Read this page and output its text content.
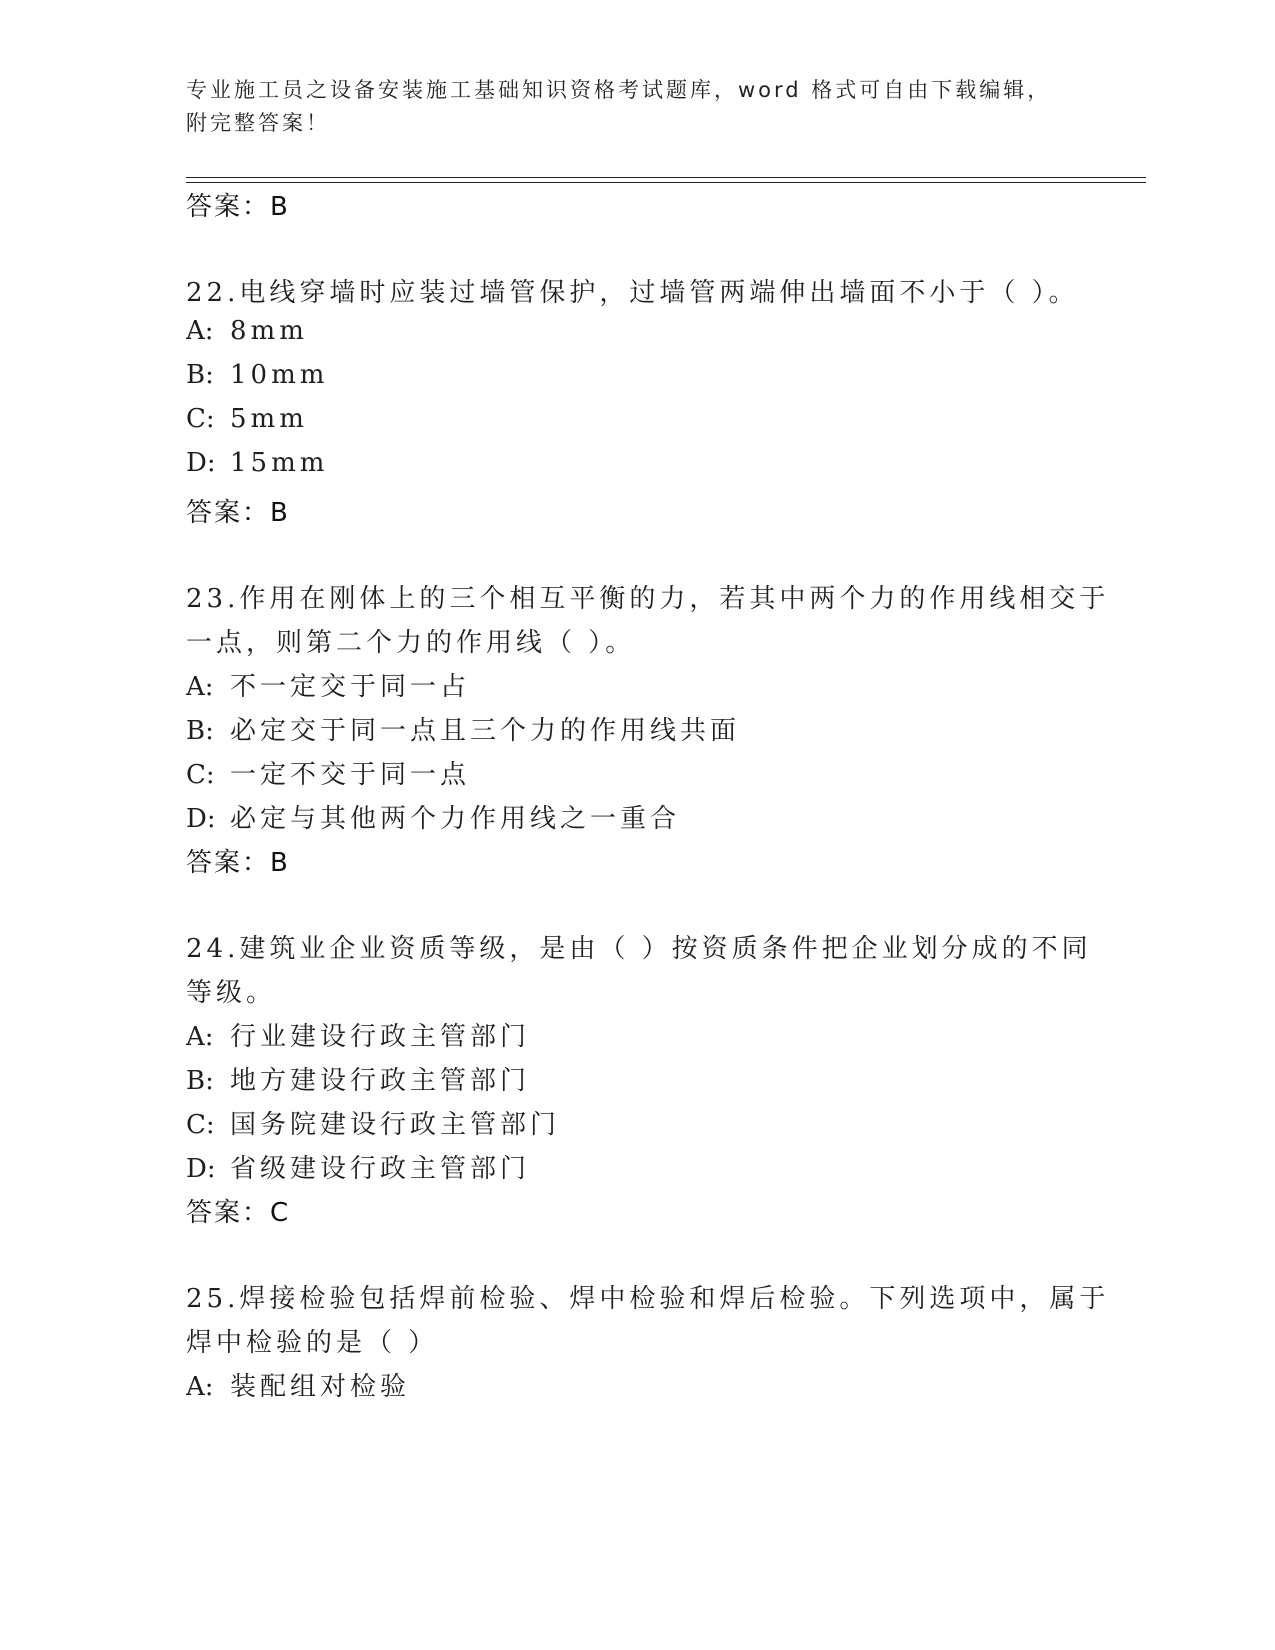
专业施工员之设备安装施工基础知识资格考试题库，word 格式可自由下载编辑，
附完整答案！
答案：B
22.电线穿墙时应装过墙管保护，过墙管两端伸出墙面不小于（ ）。
A: 8mm
B: 10mm
C: 5mm
D: 15mm
答案：B
23.作用在刚体上的三个相互平衡的力，若其中两个力的作用线相交于
一点，则第二个力的作用线（ ）。
A: 不一定交于同一占
B: 必定交于同一点且三个力的作用线共面
C: 一定不交于同一点
D: 必定与其他两个力作用线之一重合
答案：B
24.建筑业企业资质等级，是由（ ）按资质条件把企业划分成的不同
等级。
A: 行业建设行政主管部门
B: 地方建设行政主管部门
C: 国务院建设行政主管部门
D: 省级建设行政主管部门
答案：C
25.焊接检验包括焊前检验、焊中检验和焊后检验。下列选项中，属于
焊中检验的是（ ）
A: 装配组对检验
